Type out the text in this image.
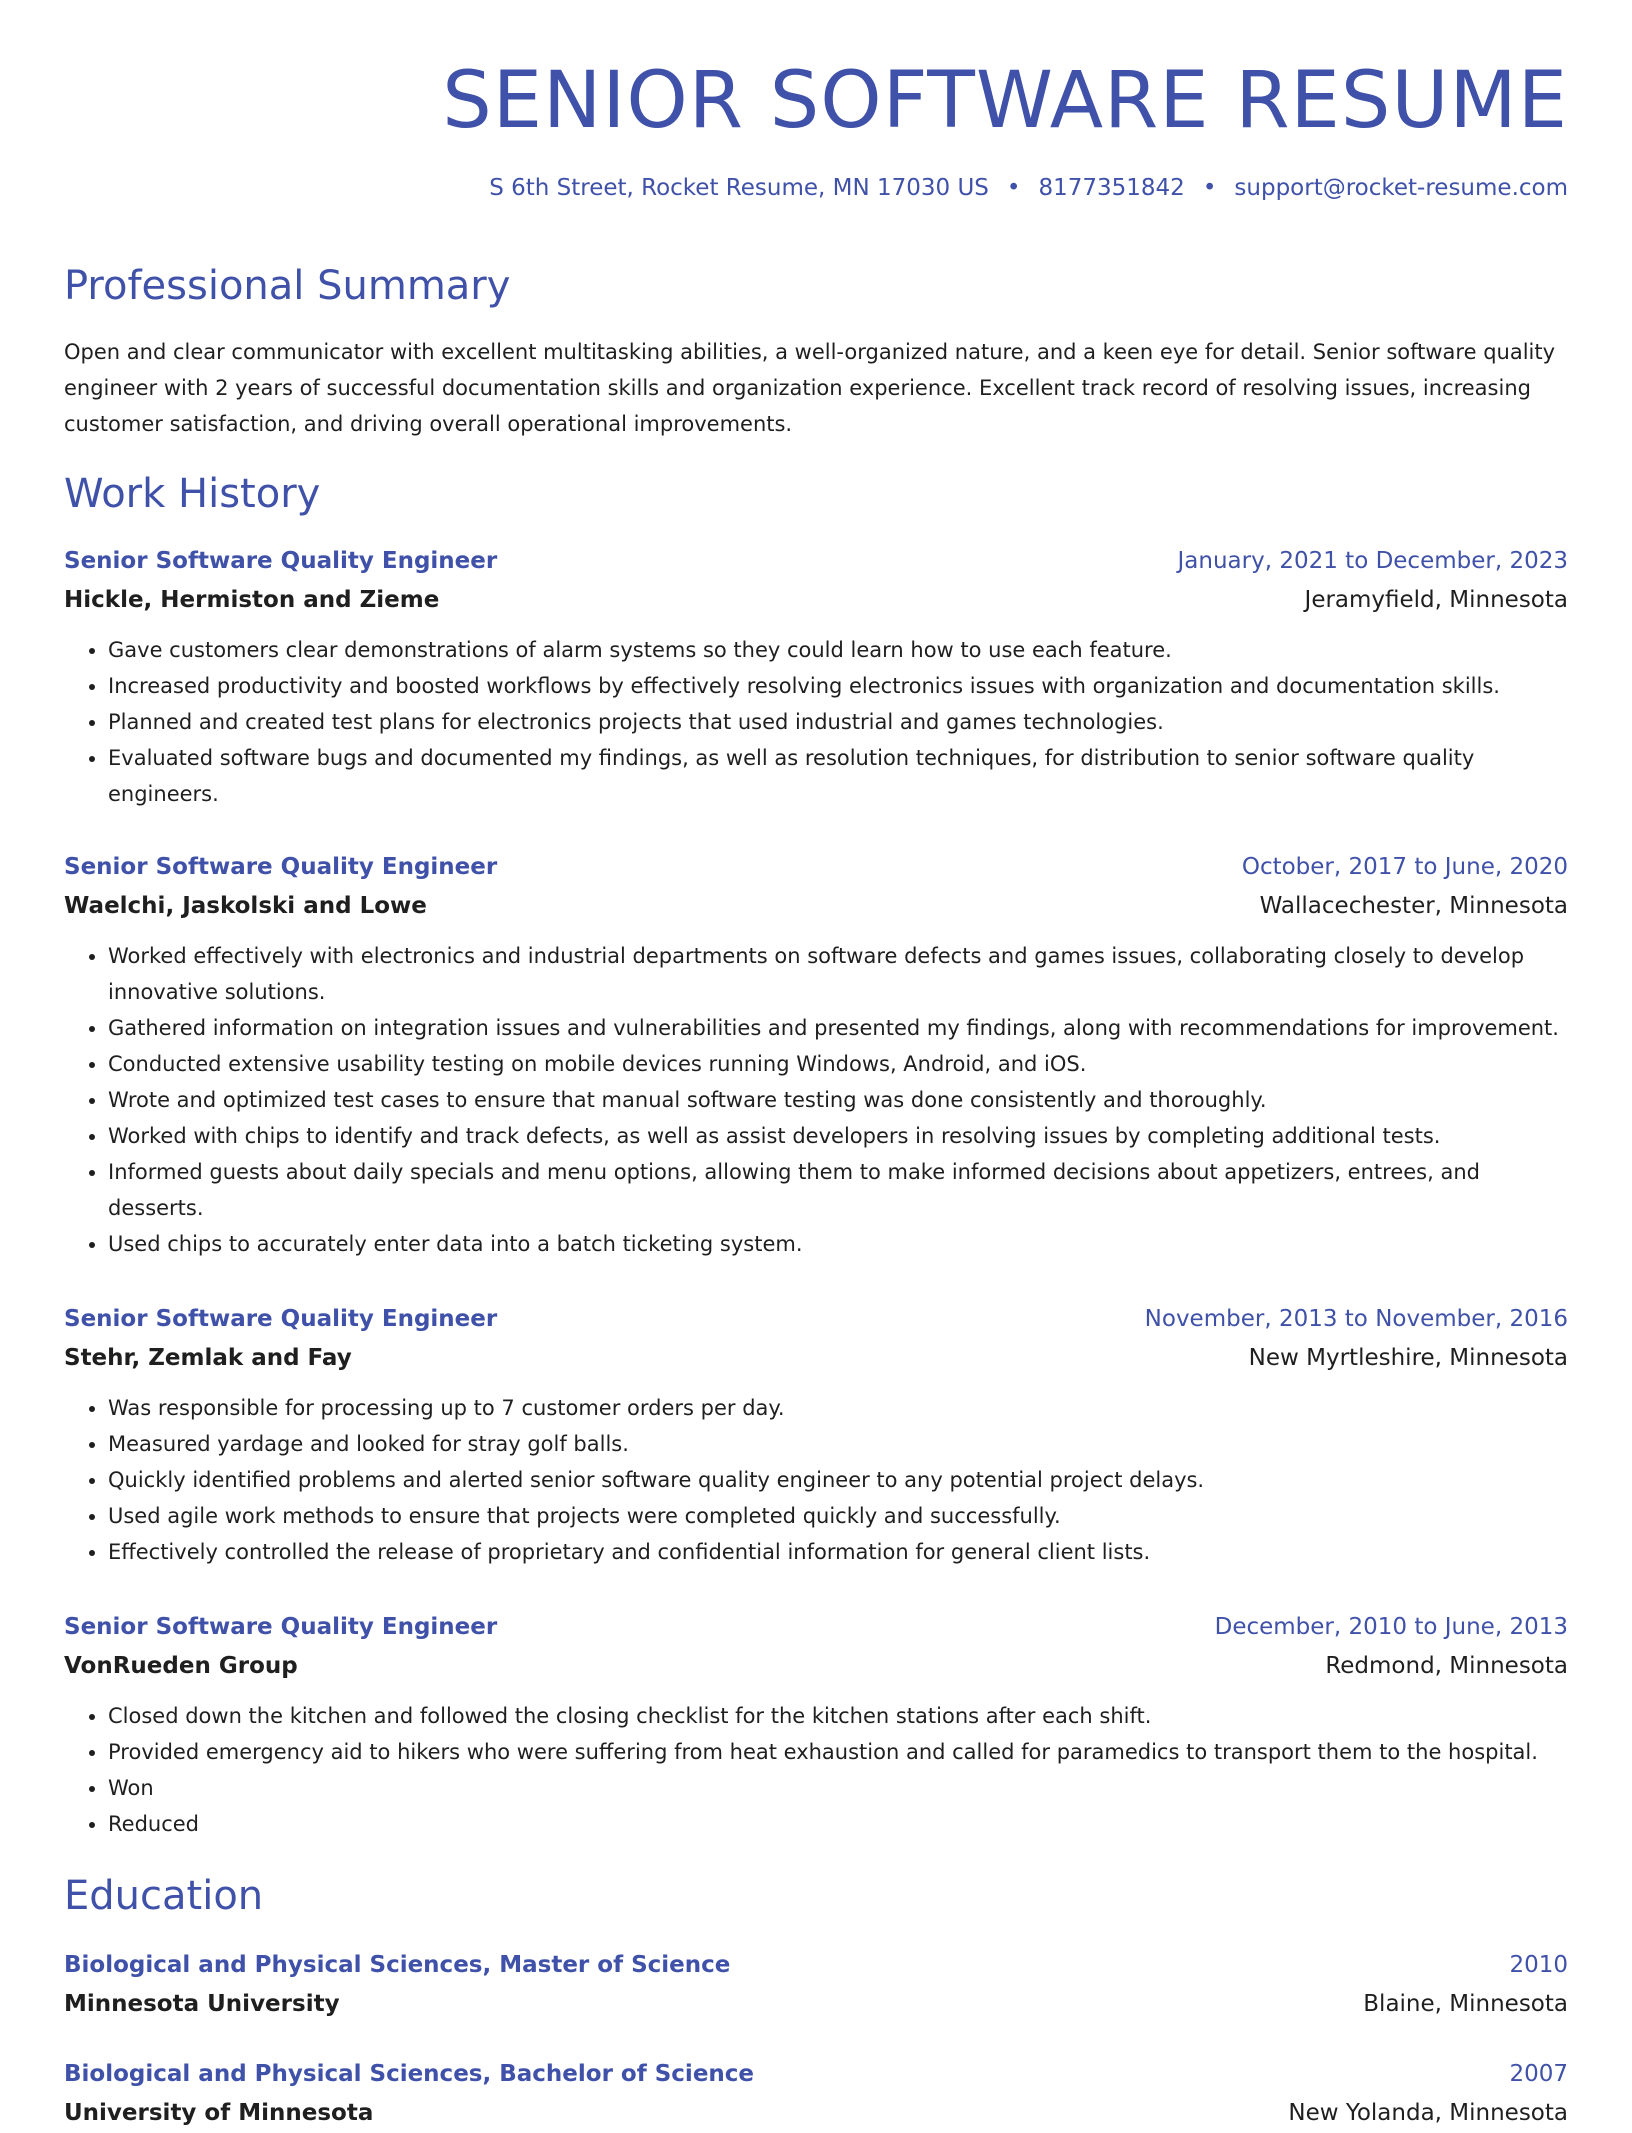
SENIOR SOFTWARE RESUME
S 6th Street, Rocket Resume, MN 17030 US • 8177351842 • support@rocket-resume.com
Professional Summary

Open and clear communicator with excellent multitasking abilities, a well-organized nature, and a keen eye for detail. Senior software quality engineer with 2 years of successful documentation skills and organization experience. Excellent track record of resolving issues, increasing customer satisfaction, and driving overall operational improvements.

Work History
Senior Software Quality Engineer	January, 2021 to December, 2023
Hickle, Hermiston and Zieme	Jeramyfield, Minnesota
• Gave customers clear demonstrations of alarm systems so they could learn how to use each feature.
• Increased productivity and boosted workflows by effectively resolving electronics issues with organization and documentation skills.
• Planned and created test plans for electronics projects that used industrial and games technologies.
• Evaluated software bugs and documented my findings, as well as resolution techniques, for distribution to senior software quality engineers.
Senior Software Quality Engineer	October, 2017 to June, 2020
Waelchi, Jaskolski and Lowe	Wallacechester, Minnesota
• Worked effectively with electronics and industrial departments on software defects and games issues, collaborating closely to develop innovative solutions.
• Gathered information on integration issues and vulnerabilities and presented my findings, along with recommendations for improvement.
• Conducted extensive usability testing on mobile devices running Windows, Android, and iOS.
• Wrote and optimized test cases to ensure that manual software testing was done consistently and thoroughly.
• Worked with chips to identify and track defects, as well as assist developers in resolving issues by completing additional tests.
• Informed guests about daily specials and menu options, allowing them to make informed decisions about appetizers, entrees, and desserts.
• Used chips to accurately enter data into a batch ticketing system.
Senior Software Quality Engineer	November, 2013 to November, 2016
Stehr, Zemlak and Fay	New Myrtleshire, Minnesota
• Was responsible for processing up to 7 customer orders per day.
• Measured yardage and looked for stray golf balls.
• Quickly identified problems and alerted senior software quality engineer to any potential project delays.
• Used agile work methods to ensure that projects were completed quickly and successfully.
• Effectively controlled the release of proprietary and confidential information for general client lists.
Senior Software Quality Engineer	December, 2010 to June, 2013
VonRueden Group	Redmond, Minnesota
• Closed down the kitchen and followed the closing checklist for the kitchen stations after each shift.
• Provided emergency aid to hikers who were suffering from heat exhaustion and called for paramedics to transport them to the hospital.
• Won
• Reduced
Education
Biological and Physical Sciences, Master of Science	2010
Minnesota University	Blaine, Minnesota
Biological and Physical Sciences, Bachelor of Science	2007
University of Minnesota	New Yolanda, Minnesota
